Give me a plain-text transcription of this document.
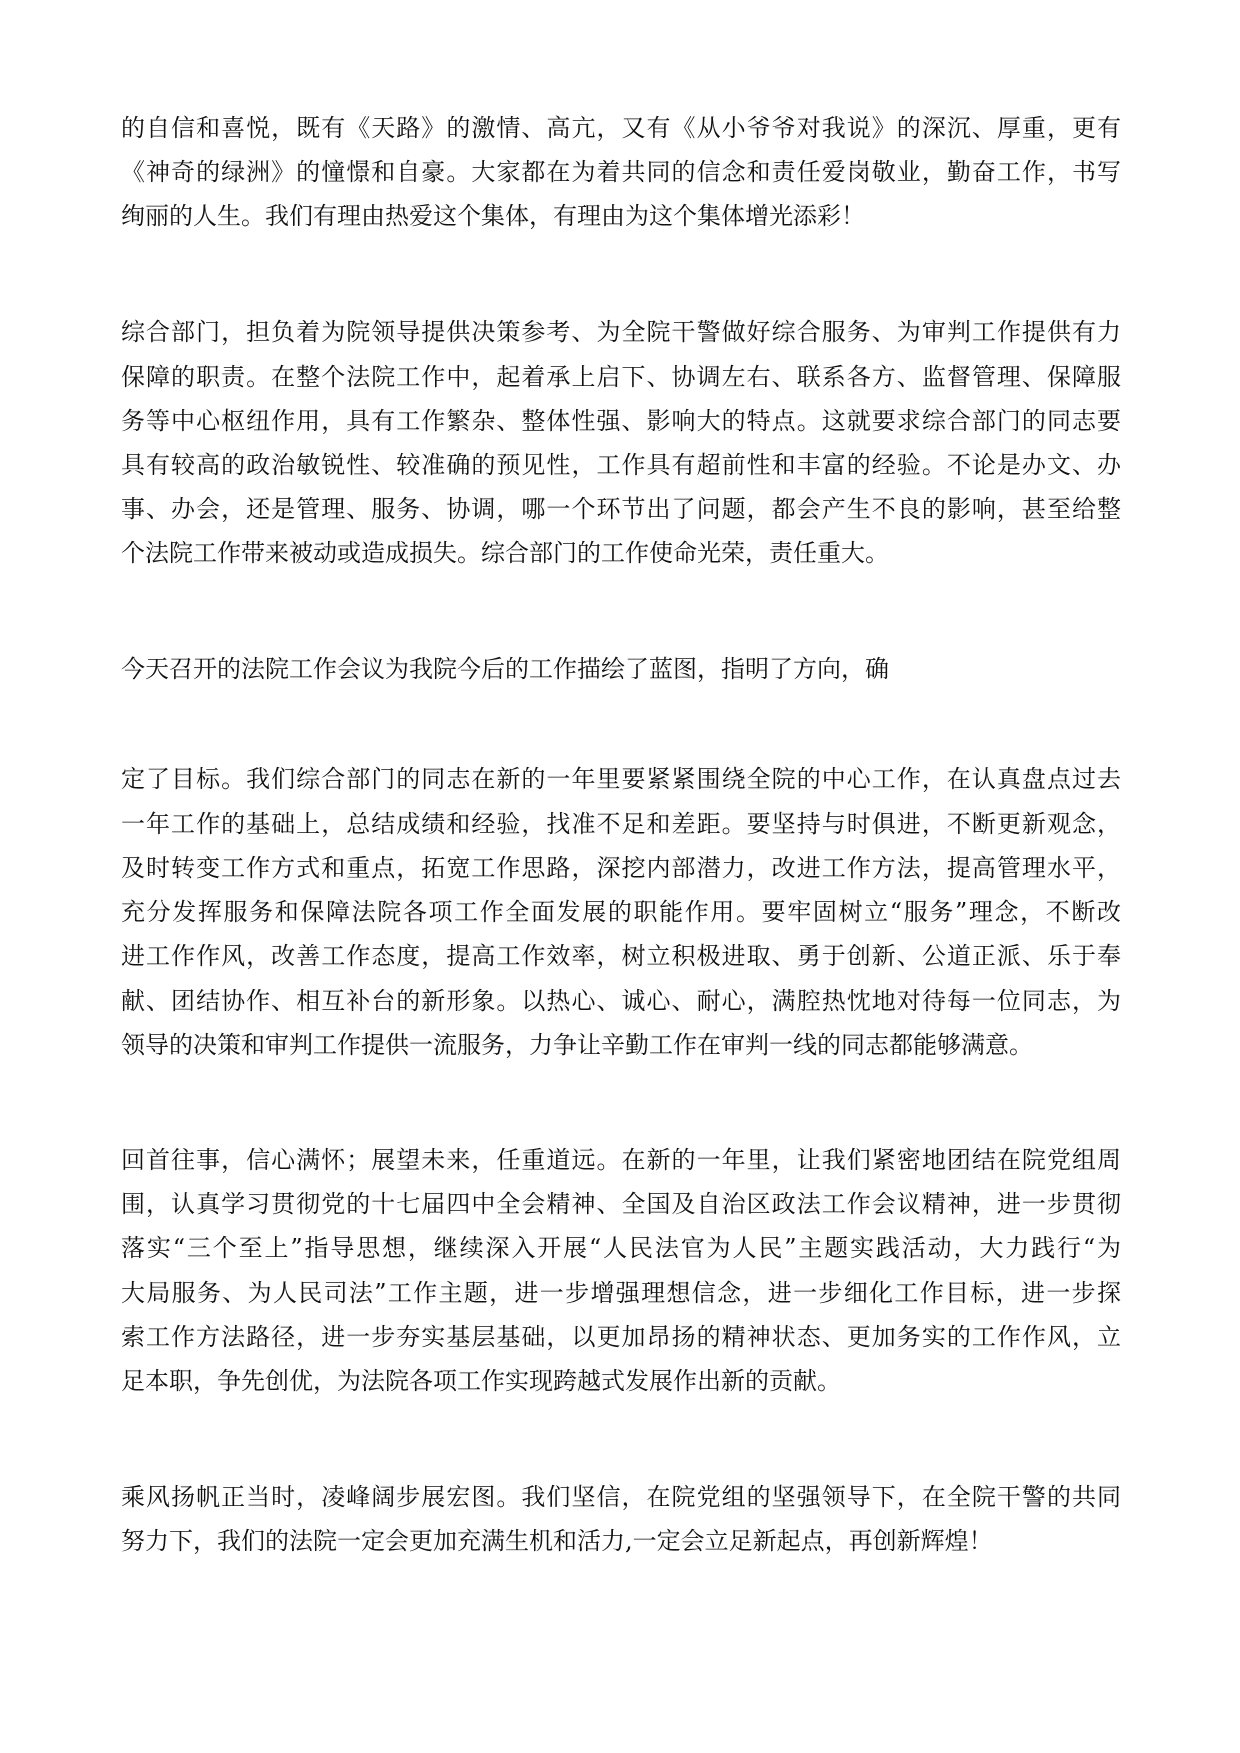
的自信和喜悦，既有《天路》的激情、高亢，又有《从小爷爷对我说》的深沉、厚重，更有

《神奇的绿洲》的憧憬和自豪。大家都在为着共同的信念和责任爱岗敬业，勤奋工作，书写

绚丽的人生。我们有理由热爱这个集体，有理由为这个集体增光添彩！

综合部门，担负着为院领导提供决策参考、为全院干警做好综合服务、为审判工作提供有力

保障的职责。在整个法院工作中，起着承上启下、协调左右、联系各方、监督管理、保障服

务等中心枢纽作用，具有工作繁杂、整体性强、影响大的特点。这就要求综合部门的同志要

具有较高的政治敏锐性、较准确的预见性，工作具有超前性和丰富的经验。不论是办文、办

事、办会，还是管理、服务、协调，哪一个环节出了问题，都会产生不良的影响，甚至给整

个法院工作带来被动或造成损失。综合部门的工作使命光荣，责任重大。

今天召开的法院工作会议为我院今后的工作描绘了蓝图，指明了方向，确

定了目标。我们综合部门的同志在新的一年里要紧紧围绕全院的中心工作，在认真盘点过去

一年工作的基础上，总结成绩和经验，找准不足和差距。要坚持与时俱进，不断更新观念，

及时转变工作方式和重点，拓宽工作思路，深挖内部潜力，改进工作方法，提高管理水平，

充分发挥服务和保障法院各项工作全面发展的职能作用。要牢固树立“服务”理念，不断改

进工作作风，改善工作态度，提高工作效率，树立积极进取、勇于创新、公道正派、乐于奉

献、团结协作、相互补台的新形象。以热心、诚心、耐心，满腔热忱地对待每一位同志，为

领导的决策和审判工作提供一流服务，力争让辛勤工作在审判一线的同志都能够满意。

回首往事，信心满怀；展望未来，任重道远。在新的一年里，让我们紧密地团结在院党组周

围，认真学习贯彻党的十七届四中全会精神、全国及自治区政法工作会议精神，进一步贯彻

落实“三个至上”指导思想，继续深入开展“人民法官为人民”主题实践活动，大力践行“为

大局服务、为人民司法”工作主题，进一步增强理想信念，进一步细化工作目标，进一步探

索工作方法路径，进一步夯实基层基础，以更加昂扬的精神状态、更加务实的工作作风，立

足本职，争先创优，为法院各项工作实现跨越式发展作出新的贡献。

乘风扬帆正当时，凌峰阔步展宏图。我们坚信，在院党组的坚强领导下，在全院干警的共同

努力下，我们的法院一定会更加充满生机和活力,一定会立足新起点，再创新辉煌！
